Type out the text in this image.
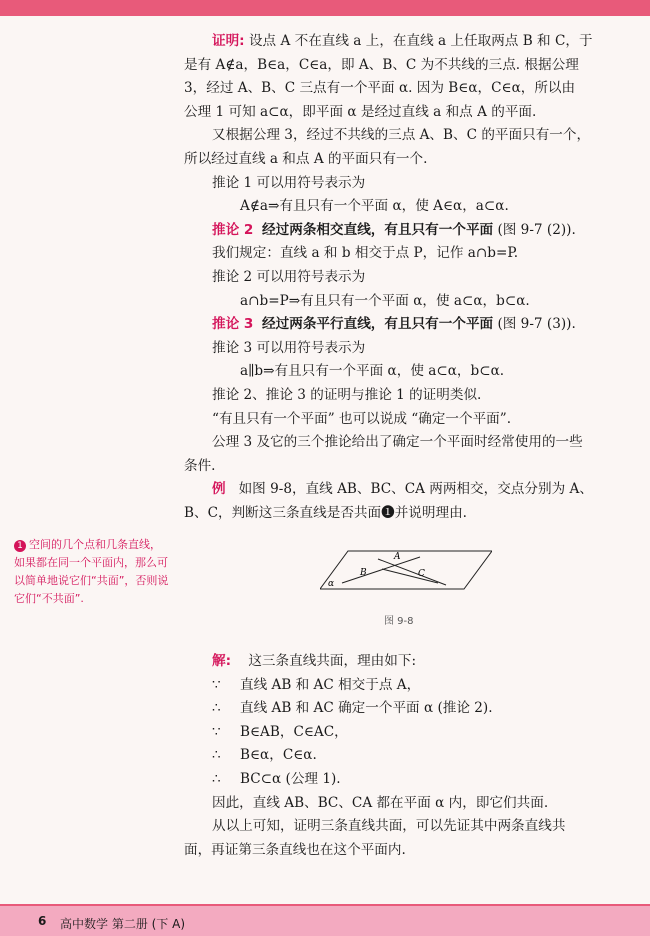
证明: 设点 A 不在直线 a 上，在直线 a 上任取两点 B 和 C，于
是有 A∉a，B∈a，C∈a，即 A、B、C 为不共线的三点. 根据公理
3，经过 A、B、C 三点有一个平面 α. 因为 B∈α，C∈α，所以由
公理 1 可知 a⊂α，即平面 α 是经过直线 a 和点 A 的平面.
又根据公理 3，经过不共线的三点 A、B、C 的平面只有一个，
所以经过直线 a 和点 A 的平面只有一个.
推论 1 可以用符号表示为
A∉a⇒有且只有一个平面 α，使 A∈α，a⊂α.
推论 2 经过两条相交直线，有且只有一个平面 (图 9-7 (2)).
我们规定：直线 a 和 b 相交于点 P，记作 a∩b=P.
推论 2 可以用符号表示为
a∩b=P⇒有且只有一个平面 α，使 a⊂α，b⊂α.
推论 3 经过两条平行直线，有且只有一个平面 (图 9-7 (3)).
推论 3 可以用符号表示为
a∥b⇒有且只有一个平面 α，使 a⊂α，b⊂α.
推论 2、推论 3 的证明与推论 1 的证明类似.
“有且只有一个平面” 也可以说成 “确定一个平面”.
公理 3 及它的三个推论给出了确定一个平面时经常使用的一些
条件.
例 如图 9-8，直线 AB、BC、CA 两两相交，交点分别为 A、
B、C，判断这三条直线是否共面❶并说明理由.
1 空间的几个点和几条直线，如果都在同一个平面内，那么可以简单地说它们“共面”，否则说它们“不共面”.
A
B	C
α
图 9-8
解: 这三条直线共面，理由如下:
∵ 直线 AB 和 AC 相交于点 A，
∴ 直线 AB 和 AC 确定一个平面 α (推论 2).
∵ B∈AB，C∈AC，
∴ B∈α，C∈α.
∴ BC⊂α (公理 1).
因此，直线 AB、BC、CA 都在平面 α 内，即它们共面.
从以上可知，证明三条直线共面，可以先证其中两条直线共
面，再证第三条直线也在这个平面内.
6 高中数学 第二册 (下 A)
